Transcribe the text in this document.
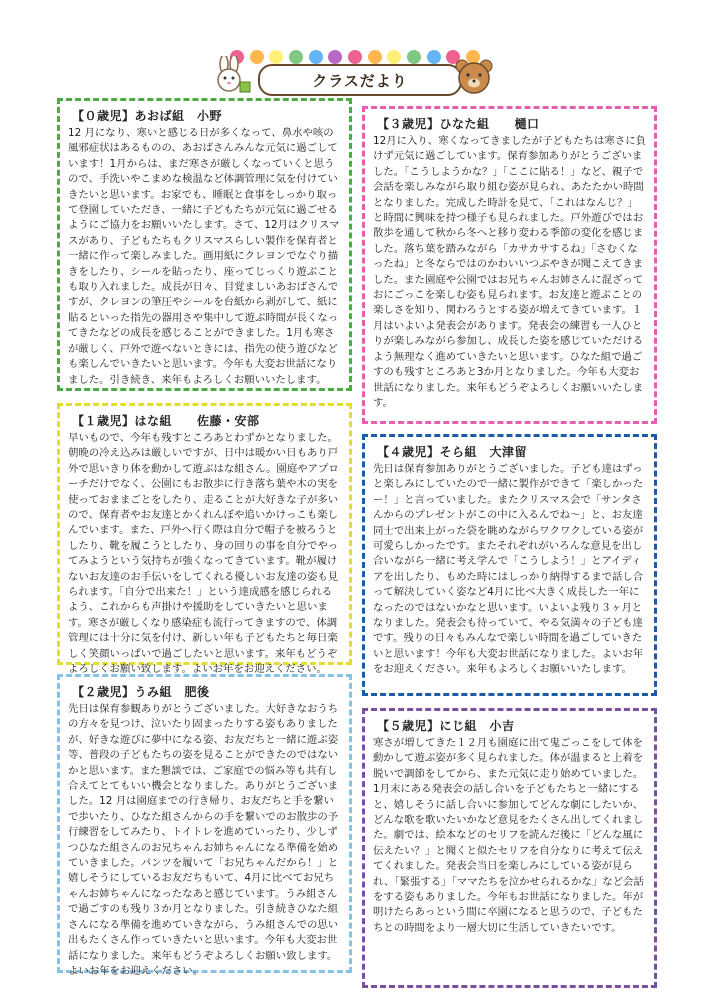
クラスだより

【０歳児】あおば組　小野

12 月になり、寒いと感じる日が多くなって、鼻水や咳の風邪症状はあるものの、あおばさんみんな元気に過ごしています！1月からは、まだ寒さが厳しくなっていくと思うので、手洗いやこまめな検温など体調管理に気を付けていきたいと思います。お家でも、睡眠と食事をしっかり取って登園していただき、一緒に子どもたちが元気に過ごせるようにご協力をお願いいたします。さて、12月はクリスマスがあり、子どもたちもクリスマスらしい製作を保育者と一緒に作って楽しみました。画用紙にクレヨンでなぐり描きをしたり、シールを貼ったり、座ってじっくり遊ぶことも取り入れました。成長が日々、目覚ましいあおばさんですが、クレヨンの筆圧やシールを台紙から剥がして、紙に貼るといった指先の器用さや集中して遊ぶ時間が長くなってきたなどの成長を感じることができました。1月も寒さが厳しく、戸外で遊べないときには、指先の使う遊びなども楽しんでいきたいと思います。今年も大変お世話になりました。引き続き、来年もよろしくお願いいたします。

【１歳児】はな組　　佐藤・安部

早いもので、今年も残すところあとわずかとなりました。朝晩の冷え込みは厳しいですが、日中は暖かい日もあり戸外で思いきり体を動かして遊ぶはな組さん。園庭やアプローチだけでなく、公園にもお散歩に行き落ち葉や木の実を使っておままごとをしたり、走ることが大好きな子が多いので、保育者やお友達とかくれんぼや追いかけっこも楽しんでいます。また、戸外へ行く際は自分で帽子を被ろうとしたり、靴を履こうとしたり、身の回りの事を自分でやってみようという気持ちが強くなってきています。靴が履けないお友達のお手伝いをしてくれる優しいお友達の姿も見られます。「自分で出来た！」という達成感を感じられるよう、これからも声掛けや援助をしていきたいと思います。寒さが厳しくなり感染症も流行ってきますので、体調管理には十分に気を付け、新しい年も子どもたちと毎日楽しく笑顔いっぱいで過ごしたいと思います。来年もどうぞよろしくお願い致します。よいお年をお迎えください。

【２歳児】うみ組　肥後

先日は保育参観ありがとうございました。大好きなおうちの方々を見つけ、泣いたり固まったりする姿もありましたが、好きな遊びに夢中になる姿、お友だちと一緒に遊ぶ姿等、普段の子どもたちの姿を見ることができたのではないかと思います。また懇談では、ご家庭での悩み等も共有し合えてとてもいい機会となりました。ありがとうございました。12 月は園庭までの行き帰り、お友だちと手を繋いで歩いたり、ひなた組さんからの手を繋いでのお散歩の予行練習をしてみたり、トイトレを進めていったり、少しずつひなた組さんのお兄ちゃんお姉ちゃんになる準備を始めていきました。パンツを履いて「お兄ちゃんだから！」と嬉しそうにしているお友だちもいて、4月に比べてお兄ちゃんお姉ちゃんになったなあと感じています。うみ組さんで過ごすのも残り３か月となりました。引き続きひなた組さんになる準備を進めていきながら、うみ組さんでの思い出もたくさん作っていきたいと思います。今年も大変お世話になりました。来年もどうぞよろしくお願い致します。よいお年をお迎えください。

【３歳児】ひなた組　　樋口

12月に入り、寒くなってきましたが子どもたちは寒さに負けず元気に過ごしています。保育参加ありがとうございました。「こうしようかな？」「ここに貼る！」など、親子で会話を楽しみながら取り組む姿が見られ、あたたかい時間となりました。完成した時計を見て、「これはなんじ？」と時間に興味を持つ様子も見られました。戸外遊びではお散歩を通して秋から冬へと移り変わる季節の変化を感じました。落ち葉を踏みながら「カサカサするね」「さむくなったね」と冬ならではのかわいいつぶやきが聞こえてきました。また園庭や公園ではお兄ちゃんお姉さんに混ざっておにごっこを楽しむ姿も見られます。お友達と遊ぶことの楽しさを知り、関わろうとする姿が増えてきています。１月はいよいよ発表会があります。発表会の練習も一人ひとりが楽しみながら参加し、成長した姿を感じていただけるよう無理なく進めていきたいと思います。ひなた組で過ごすのも残すところあと3か月となりました。今年も大変お世話になりました。来年もどうぞよろしくお願いいたします。

【４歳児】そら組　大津留

先日は保育参加ありがとうございました。子ども達はずっと楽しみにしていたので一緒に製作ができて「楽しかったー！」と言っていました。またクリスマス会で「サンタさんからのプレゼントがこの中に入るんでね～」と、お友達同士で出来上がった袋を眺めながらワクワクしている姿が可愛らしかったです。またそれぞれがいろんな意見を出し合いながら一緒に考え学んで「こうしよう！」とアイディアを出したり、もめた時にはしっかり納得するまで話し合って解決していく姿など4月に比べ大きく成長した一年になったのではないかなと思います。いよいよ残り３ヶ月となりました。発表会も待っていて、やる気満々の子ども達です。残りの日々もみんなで楽しい時間を過ごしていきたいと思います！今年も大変お世話になりました。よいお年をお迎えください。来年もよろしくお願いいたします。

【５歳児】にじ組　小吉

寒さが増してきた１２月も園庭に出て鬼ごっこをして体を動かして遊ぶ姿が多く見られました。体が温まると上着を脱いで調節をしてから、また元気に走り始めていました。1月末にある発表会の話し合いを子どもたちと一緒にすると、嬉しそうに話し合いに参加してどんな劇にしたいか、どんな歌を歌いたいかなど意見をたくさん出してくれました。劇では、絵本などのセリフを読んだ後に「どんな風に伝えたい？」と聞くと似たセリフを自分なりに考えて伝えてくれました。発表会当日を楽しみにしている姿が見られ、「緊張する」「ママたちを泣かせられるかな」など会話をする姿もありました。今年もお世話になりました。年が明けたらあっという間に卒園になると思うので、子どもたちとの時間をより一層大切に生活していきたいです。
